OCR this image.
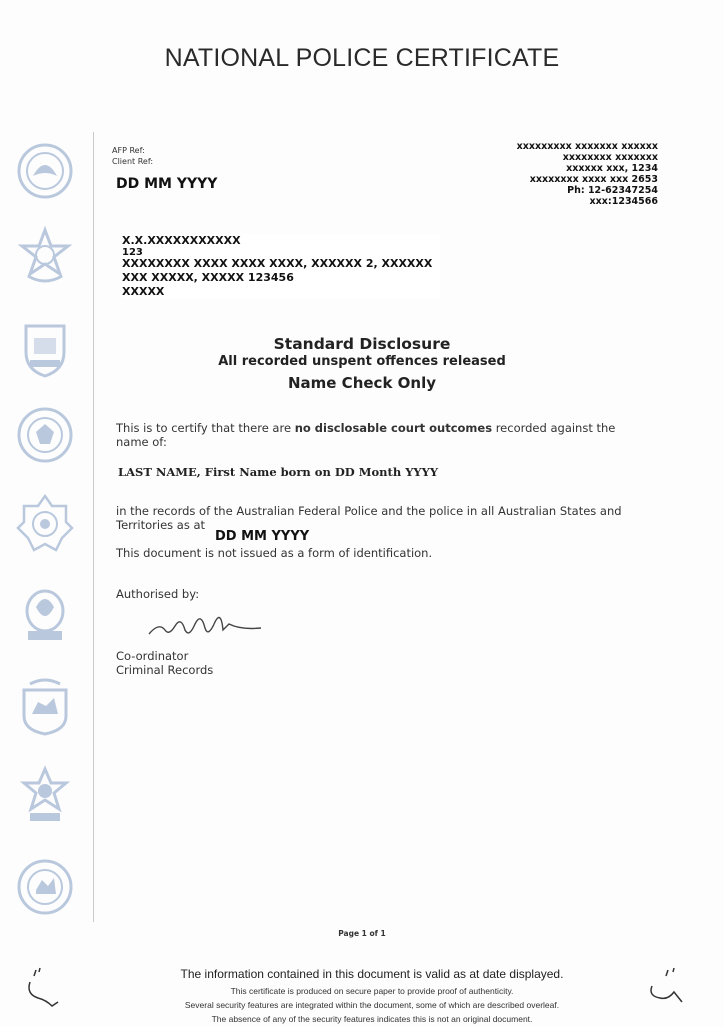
NATIONAL POLICE CERTIFICATE
AFP Ref:
Client Ref:
DD MM YYYY
xxxxxxxxx xxxxxxx xxxxxx
xxxxxxxx xxxxxxx
xxxxxx xxx, 1234
xxxxxxxx xxxx xxx 2653
Ph: 12-62347254
xxx:1234566
X.X.XXXXXXXXXXX
123
XXXXXXXX XXXX XXXX XXXX, XXXXXX 2, XXXXXX
XXX XXXXX, XXXXX 123456
XXXXX
Standard Disclosure
All recorded unspent offences released
Name Check Only
This is to certify that there are no disclosable court outcomes recorded against the name of:
LAST NAME, First Name born on DD Month YYYY
in the records of the Australian Federal Police and the police in all Australian States and Territories as at
DD MM YYYY
This document is not issued as a form of identification.
Authorised by:
Co-ordinator
Criminal Records
Page 1 of 1
The information contained in this document is valid as at date displayed.
This certificate is produced on secure paper to provide proof of authenticity.
Several security features are integrated within the document, some of which are described overleaf.
The absence of any of the security features indicates this is not an original document.
